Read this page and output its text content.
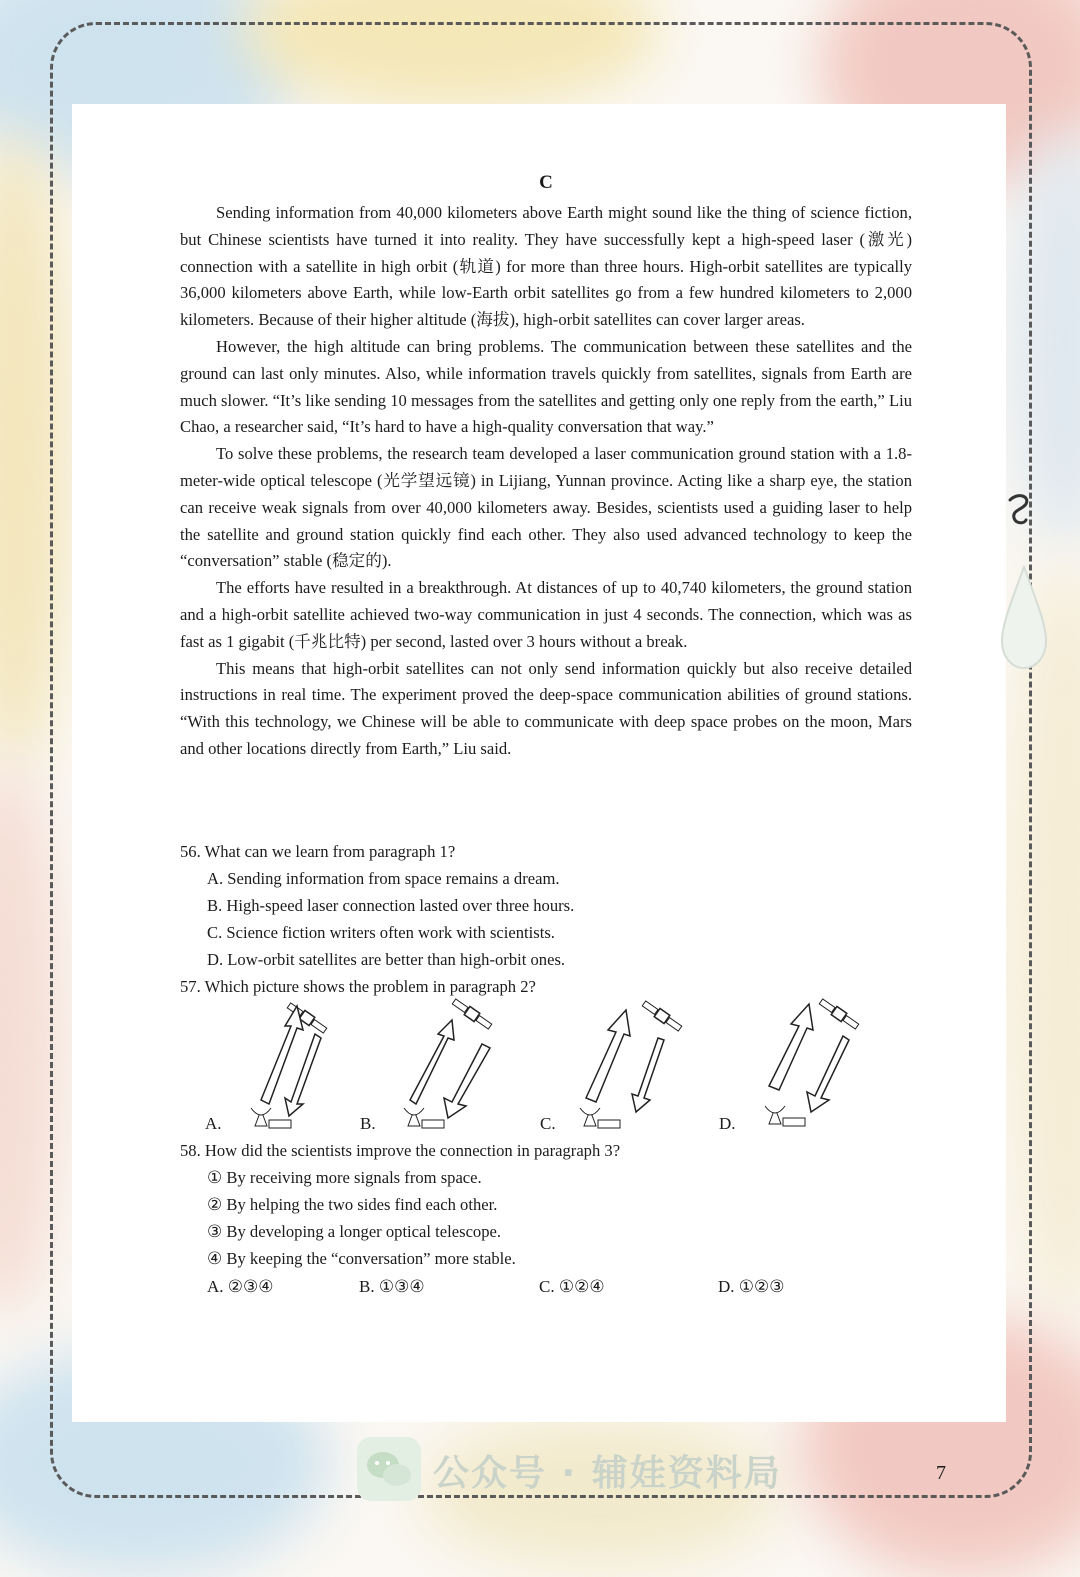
C

Sending information from 40,000 kilometers above Earth might sound like the thing of science fiction, but Chinese scientists have turned it into reality. They have successfully kept a high-speed laser (激光) connection with a satellite in high orbit (轨道) for more than three hours. High-orbit satellites are typically 36,000 kilometers above Earth, while low-Earth orbit satellites go from a few hundred kilometers to 2,000 kilometers. Because of their higher altitude (海拔), high-orbit satellites can cover larger areas.

However, the high altitude can bring problems. The communication between these satellites and the ground can last only minutes. Also, while information travels quickly from satellites, signals from Earth are much slower. “It’s like sending 10 messages from the satellites and getting only one reply from the earth,” Liu Chao, a researcher said, “It’s hard to have a high-quality conversation that way.”

To solve these problems, the research team developed a laser communication ground station with a 1.8-meter-wide optical telescope (光学望远镜) in Lijiang, Yunnan province. Acting like a sharp eye, the station can receive weak signals from over 40,000 kilometers away. Besides, scientists used a guiding laser to help the satellite and ground station quickly find each other. They also used advanced technology to keep the “conversation” stable (稳定的).

The efforts have resulted in a breakthrough. At distances of up to 40,740 kilometers, the ground station and a high-orbit satellite achieved two-way communication in just 4 seconds. The connection, which was as fast as 1 gigabit (千兆比特) per second, lasted over 3 hours without a break.

This means that high-orbit satellites can not only send information quickly but also receive detailed instructions in real time. The experiment proved the deep-space communication abilities of ground stations. “With this technology, we Chinese will be able to communicate with deep space probes on the moon, Mars and other locations directly from Earth,” Liu said.

56. What can we learn from paragraph 1?
A. Sending information from space remains a dream.
B. High-speed laser connection lasted over three hours.
C. Science fiction writers often work with scientists.
D. Low-orbit satellites are better than high-orbit ones.
57. Which picture shows the problem in paragraph 2?
A.	B.	C.	D.
58. How did the scientists improve the connection in paragraph 3?
① By receiving more signals from space.
② By helping the two sides find each other.
③ By developing a longer optical telescope.
④ By keeping the “conversation” more stable.
A. ②③④	B. ①③④	C. ①②④	D. ①②③
公众号 · 辅娃资料局	7
